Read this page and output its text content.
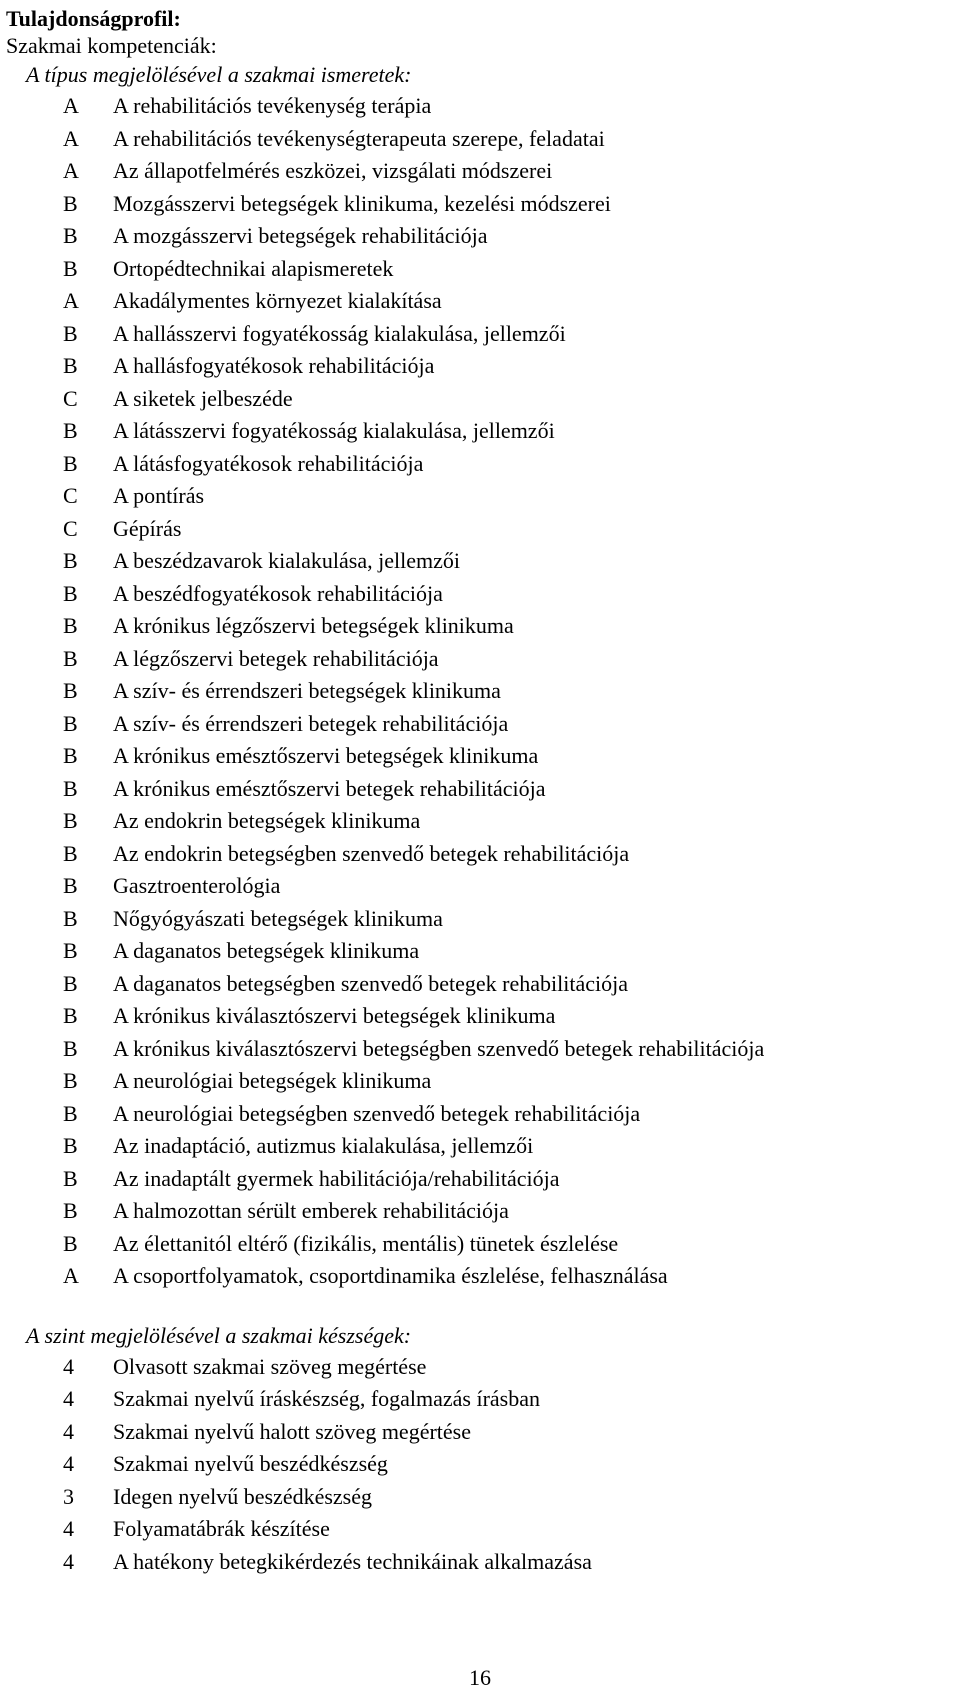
Tulajdonságprofil:
Szakmai kompetenciák:
A típus megjelölésével a szakmai ismeretek:
A	A rehabilitációs tevékenység terápia
A	A rehabilitációs tevékenységterapeuta szerepe, feladatai
A	Az állapotfelmérés eszközei, vizsgálati módszerei
B	Mozgásszervi betegségek klinikuma, kezelési módszerei
B	A mozgásszervi betegségek rehabilitációja
B	Ortopédtechnikai alapismeretek
A	Akadálymentes környezet kialakítása
B	A hallásszervi fogyatékosság kialakulása, jellemzői
B	A hallásfogyatékosok rehabilitációja
C	A siketek jelbeszéde
B	A látásszervi fogyatékosság kialakulása, jellemzői
B	A látásfogyatékosok rehabilitációja
C	A pontírás
C	Gépírás
B	A beszédzavarok kialakulása, jellemzői
B	A beszédfogyatékosok rehabilitációja
B	A krónikus légzőszervi betegségek klinikuma
B	A légzőszervi betegek rehabilitációja
B	A szív- és érrendszeri betegségek klinikuma
B	A szív- és érrendszeri betegek rehabilitációja
B	A krónikus emésztőszervi betegségek klinikuma
B	A krónikus emésztőszervi betegek rehabilitációja
B	Az endokrin betegségek klinikuma
B	Az endokrin betegségben szenvedő betegek rehabilitációja
B	Gasztroenterológia
B	Nőgyógyászati betegségek klinikuma
B	A daganatos betegségek klinikuma
B	A daganatos betegségben szenvedő betegek rehabilitációja
B	A krónikus kiválasztószervi betegségek klinikuma
B	A krónikus kiválasztószervi betegségben szenvedő betegek rehabilitációja
B	A neurológiai betegségek klinikuma
B	A neurológiai betegségben szenvedő betegek rehabilitációja
B	Az inadaptáció, autizmus kialakulása, jellemzői
B	Az inadaptált gyermek habilitációja/rehabilitációja
B	A halmozottan sérült emberek rehabilitációja
B	Az élettanitól eltérő (fizikális, mentális) tünetek észlelése
A	A csoportfolyamatok, csoportdinamika észlelése, felhasználása
A szint megjelölésével a szakmai készségek:
4	Olvasott szakmai szöveg megértése
4	Szakmai nyelvű íráskészség, fogalmazás írásban
4	Szakmai nyelvű halott szöveg megértése
4	Szakmai nyelvű beszédkészség
3	Idegen nyelvű beszédkészség
4	Folyamatábrák készítése
4	A hatékony betegkikérdezés technikáinak alkalmazása
16
